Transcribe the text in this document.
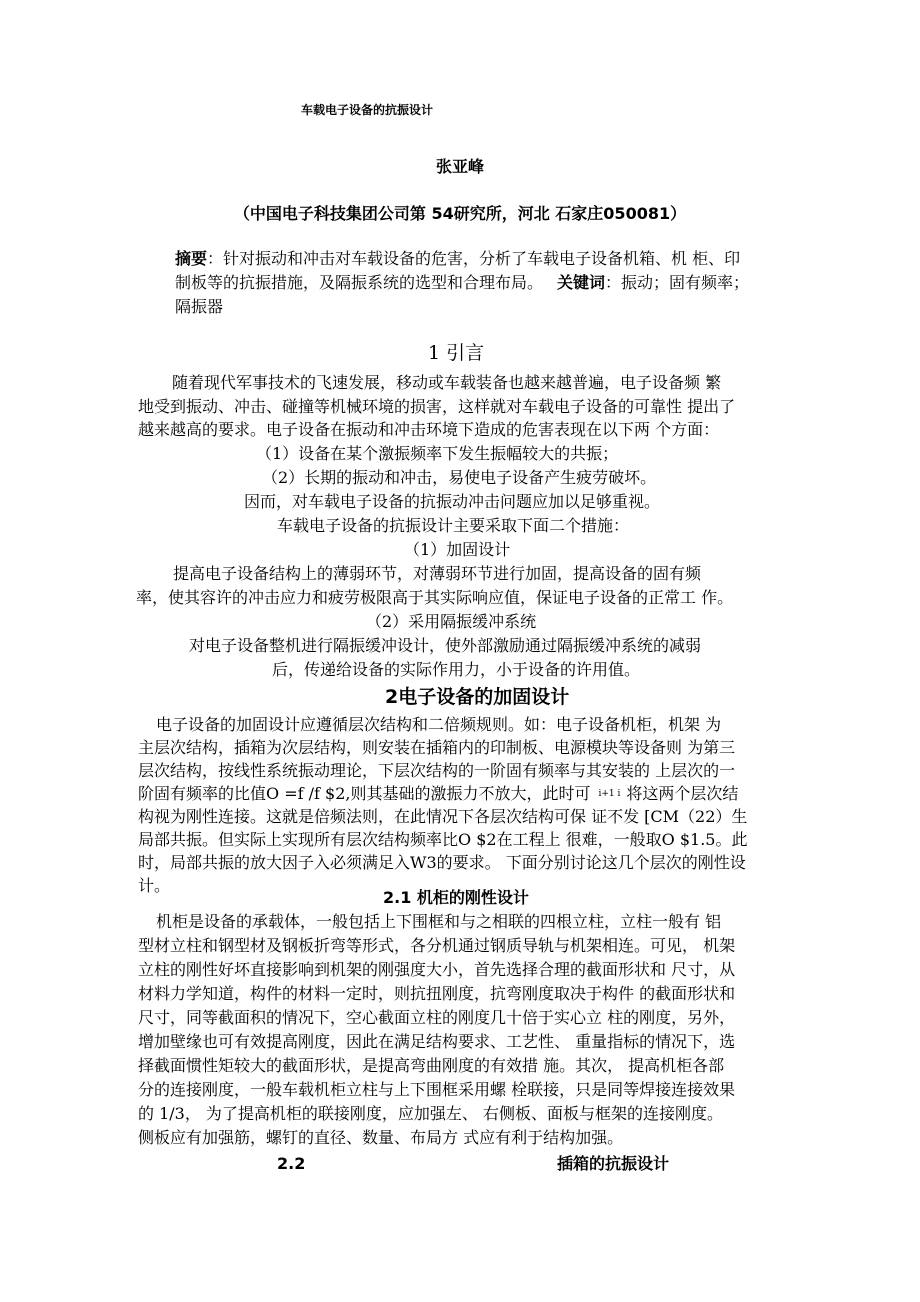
车载电子设备的抗振设计
张亚峰
（中国电子科技集团公司第 54研究所，河北 石家庄050081）
摘要：针对振动和冲击对车载设备的危害，分析了车载电子设备机箱、机 柜、印
制板等的抗振措施，及隔振系统的选型和合理布局。 关键词：振动；固有频率；
隔振器
1 引言
随着现代军事技术的飞速发展，移动或车载装备也越来越普遍，电子设备频 繁
地受到振动、冲击、碰撞等机械环境的损害，这样就对车载电子设备的可靠性 提出了
越来越高的要求。电子设备在振动和冲击环境下造成的危害表现在以下两 个方面：
（1）设备在某个激振频率下发生振幅较大的共振；
（2）长期的振动和冲击，易使电子设备产生疲劳破坏。
因而，对车载电子设备的抗振动冲击问题应加以足够重视。
车载电子设备的抗振设计主要采取下面二个措施：
（1）加固设计
提高电子设备结构上的薄弱环节，对薄弱环节进行加固，提高设备的固有频
率，使其容许的冲击应力和疲劳极限高于其实际响应值，保证电子设备的正常工 作。
（2）采用隔振缓冲系统
对电子设备整机进行隔振缓冲设计，使外部激励通过隔振缓冲系统的减弱
后，传递给设备的实际作用力，小于设备的许用值。
2电子设备的加固设计
电子设备的加固设计应遵循层次结构和二倍频规则。如：电子设备机柜，机架 为
主层次结构，插箱为次层结构，则安装在插箱内的印制板、电源模块等设备则 为第三
层次结构，按线性系统振动理论，下层次结构的一阶固有频率与其安装的 上层次的一
阶固有频率的比值O =f /f $2,则其基础的激振力不放大，此时可 i+1 i 将这两个层次结
构视为刚性连接。这就是倍频法则，在此情况下各层次结构可保 证不发 [CM（22）生
局部共振。但实际上实现所有层次结构频率比O $2在工程上 很难，一般取O $1.5。此
时，局部共振的放大因子入必须满足入W3的要求。 下面分别讨论这几个层次的刚性设
计。
2.1 机柜的刚性设计
机柜是设备的承载体，一般包括上下围框和与之相联的四根立柱，立柱一般有 铝
型材立柱和钢型材及钢板折弯等形式，各分机通过钢质导轨与机架相连。可见， 机架
立柱的刚性好坏直接影响到机架的刚强度大小，首先选择合理的截面形状和 尺寸，从
材料力学知道，构件的材料一定时，则抗扭刚度，抗弯刚度取决于构件 的截面形状和
尺寸，同等截面积的情况下，空心截面立柱的刚度几十倍于实心立 柱的刚度，另外，
增加壁缘也可有效提高刚度，因此在满足结构要求、工艺性、 重量指标的情况下，选
择截面惯性矩较大的截面形状，是提高弯曲刚度的有效措 施。其次， 提高机柜各部
分的连接刚度，一般车载机柜立柱与上下围框采用螺 栓联接，只是同等焊接连接效果
的 1/3， 为了提高机柜的联接刚度，应加强左、 右侧板、面板与框架的连接刚度。
侧板应有加强筋，螺钉的直径、数量、布局方 式应有利于结构加强。
2.2	插箱的抗振设计
